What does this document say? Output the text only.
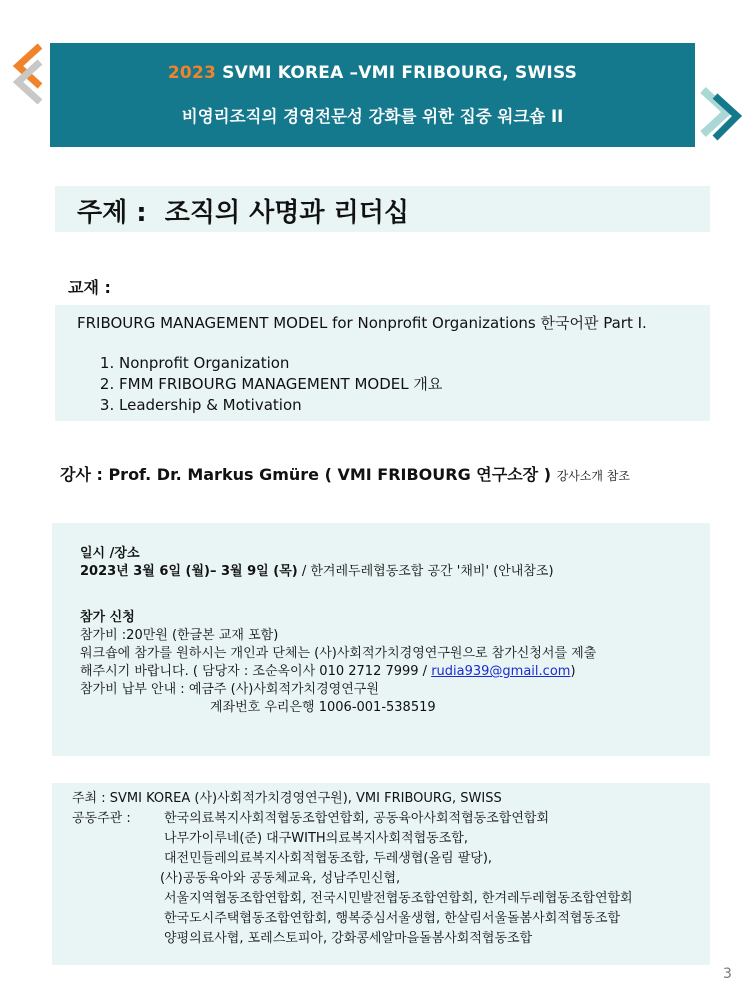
2023 SVMI KOREA –VMI FRIBOURG, SWISS
비영리조직의 경영전문성 강화를 위한 집중 워크숍 II
주제 :  조직의 사명과 리더십
교재 :
FRIBOURG MANAGEMENT MODEL for Nonprofit Organizations 한국어판 Part I.
1. Nonprofit Organization
2. FMM FRIBOURG MANAGEMENT MODEL 개요
3. Leadership & Motivation
강사 : Prof. Dr. Markus Gmüre ( VMI FRIBOURG 연구소장 ) 강사소개 참조
일시 /장소
2023년 3월 6일 (월)– 3월 9일 (목) / 한겨레두레협동조합 공간 '채비' (안내참조)
참가 신청
참가비 :20만원 (한글본 교재 포함)
워크숍에 참가를 원하시는 개인과 단체는 (사)사회적가치경영연구원으로 참가신청서를 제출
해주시기 바랍니다. ( 담당자 : 조순옥이사 010 2712 7999 / rudia939@gmail.com)
참가비 납부 안내 : 예금주 (사)사회적가치경영연구원
계좌번호 우리은행 1006-001-538519
주최 : SVMI KOREA (사)사회적가치경영연구원), VMI FRIBOURG, SWISS
공동주관 :	한국의료복지사회적협동조합연합회, 공동육아사회적협동조합연합회
나무가이루네(준) 대구WITH의료복지사회적협동조합,
대전민들레의료복지사회적협동조합, 두레생협(올림 팔당),
(사)공동육아와 공동체교육, 성남주민신협,
서울지역협동조합연합회, 전국시민발전협동조합연합회, 한겨레두레협동조합연합회
한국도시주택협동조합연합회, 행복중심서울생협, 한살림서울돌봄사회적협동조합
양평의료사협, 포레스토피아, 강화콩세알마을돌봄사회적협동조합
3
